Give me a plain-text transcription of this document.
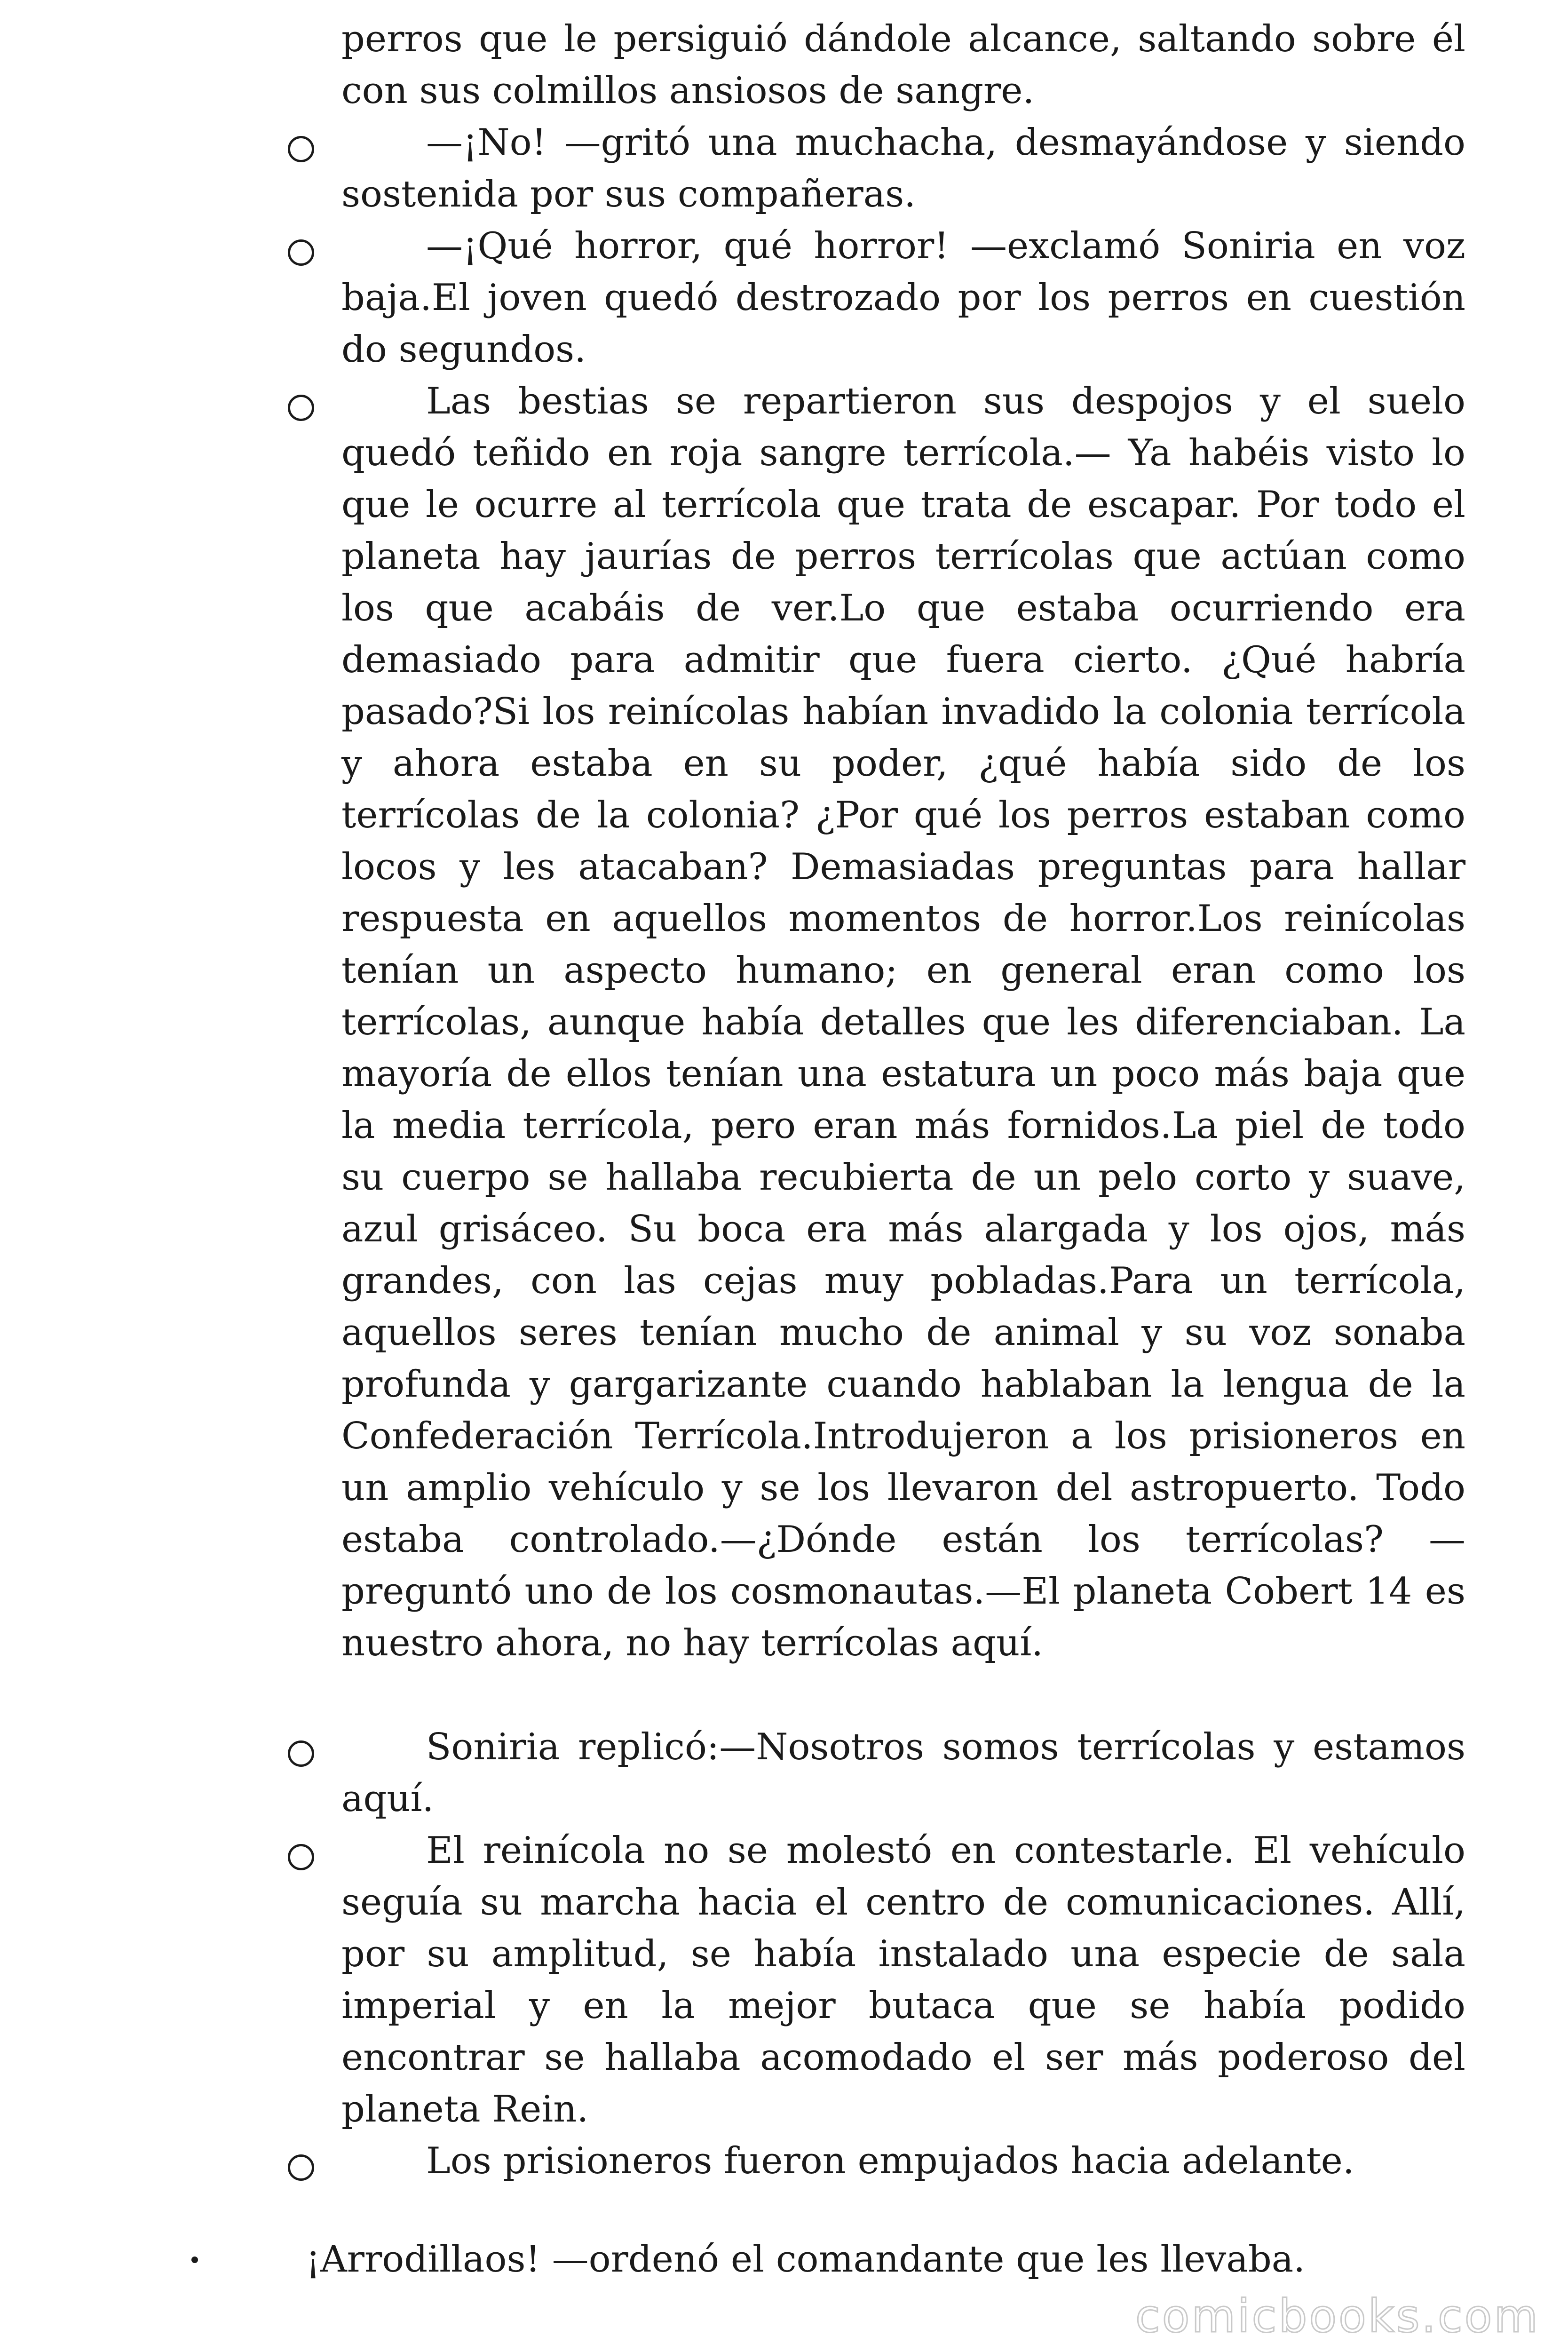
perros que le persiguió dándole alcance, saltando sobre él con sus colmillos ansiosos de sangre.

—¡No! —gritó una muchacha, desmayándose y siendo sostenida por sus compañeras.

—¡Qué horror, qué horror! —exclamó Soniria en voz baja.El joven quedó destrozado por los perros en cuestión do segundos.

Las bestias se repartieron sus despojos y el suelo quedó teñido en roja sangre terrícola.— Ya habéis visto lo que le ocurre al terrícola que trata de escapar. Por todo el planeta hay jaurías de perros terrícolas que actúan como los que acabáis de ver.Lo que estaba ocurriendo era demasiado para admitir que fuera cierto. ¿Qué habría pasado?Si los reinícolas habían invadido la colonia terrícola y ahora estaba en su poder, ¿qué había sido de los terrícolas de la colonia? ¿Por qué los perros estaban como locos y les atacaban? Demasiadas preguntas para hallar respuesta en aquellos momentos de horror.Los reinícolas tenían un aspecto humano; en general eran como los terrícolas, aunque había detalles que les diferenciaban. La mayoría de ellos tenían una estatura un poco más baja que la media terrícola, pero eran más fornidos.La piel de todo su cuerpo se hallaba recubierta de un pelo corto y suave, azul grisáceo. Su boca era más alargada y los ojos, más grandes, con las cejas muy pobladas.Para un terrícola, aquellos seres tenían mucho de animal y su voz sonaba profunda y gargarizante cuando hablaban la lengua de la Confederación Terrícola.Introdujeron a los prisioneros en un amplio vehículo y se los llevaron del astropuerto. Todo estaba controlado.—¿Dónde están los terrícolas? —preguntó uno de los cosmonautas.—El planeta Cobert 14 es nuestro ahora, no hay terrícolas aquí.

Soniria replicó:—Nosotros somos terrícolas y estamos aquí.

El reinícola no se molestó en contestarle. El vehículo seguía su marcha hacia el centro de comunicaciones. Allí, por su amplitud, se había instalado una especie de sala imperial y en la mejor butaca que se había podido encontrar se hallaba acomodado el ser más poderoso del planeta Rein.

Los prisioneros fueron empujados hacia adelante.

¡Arrodillaos! —ordenó el comandante que les llevaba.

comicbooks.com
